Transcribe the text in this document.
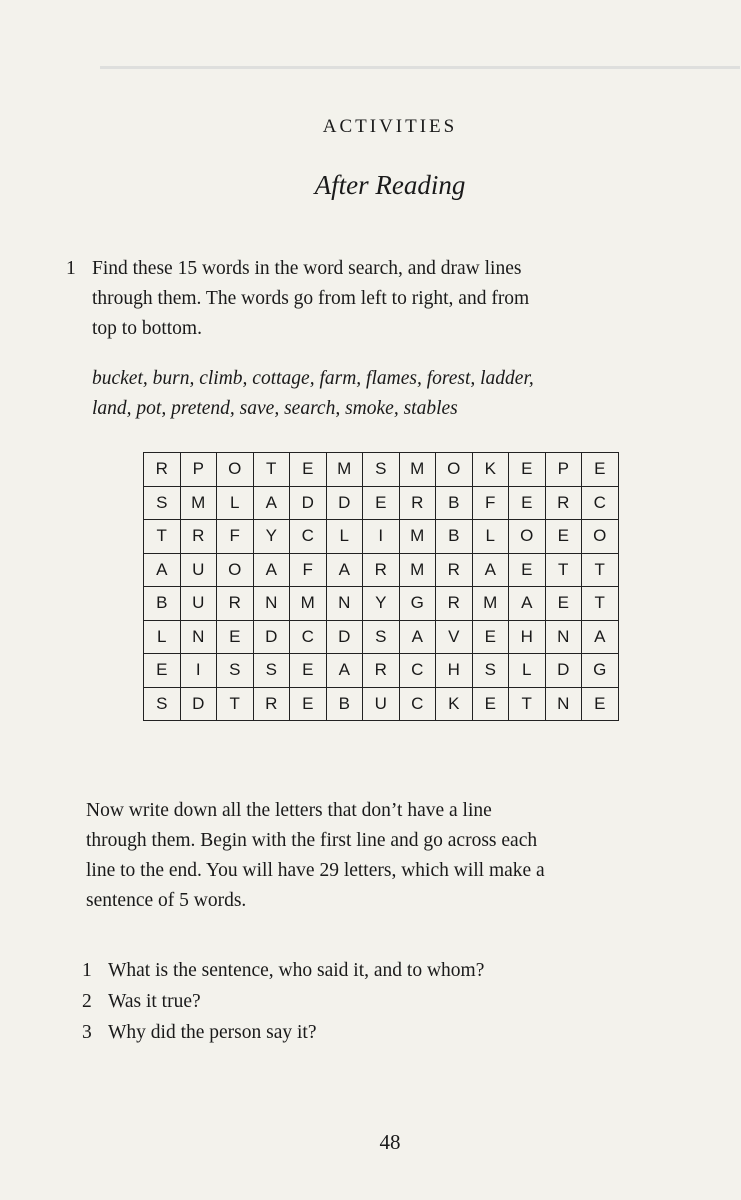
ACTIVITIES
After Reading
1 Find these 15 words in the word search, and draw lines
through them. The words go from left to right, and from
top to bottom.
bucket, burn, climb, cottage, farm, flames, forest, ladder,
land, pot, pretend, save, search, smoke, stables
R	P	O	T	E	M	S	M	O	K	E	P	E
S	M	L	A	D	D	E	R	B	F	E	R	C
T	R	F	Y	C	L	I	M	B	L	O	E	O
A	U	O	A	F	A	R	M	R	A	E	T	T
B	U	R	N	M	N	Y	G	R	M	A	E	T
L	N	E	D	C	D	S	A	V	E	H	N	A
E	I	S	S	E	A	R	C	H	S	L	D	G
S	D	T	R	E	B	U	C	K	E	T	N	E
Now write down all the letters that don’t have a line
through them. Begin with the first line and go across each
line to the end. You will have 29 letters, which will make a
sentence of 5 words.
1 What is the sentence, who said it, and to whom?
2 Was it true?
3 Why did the person say it?
48
